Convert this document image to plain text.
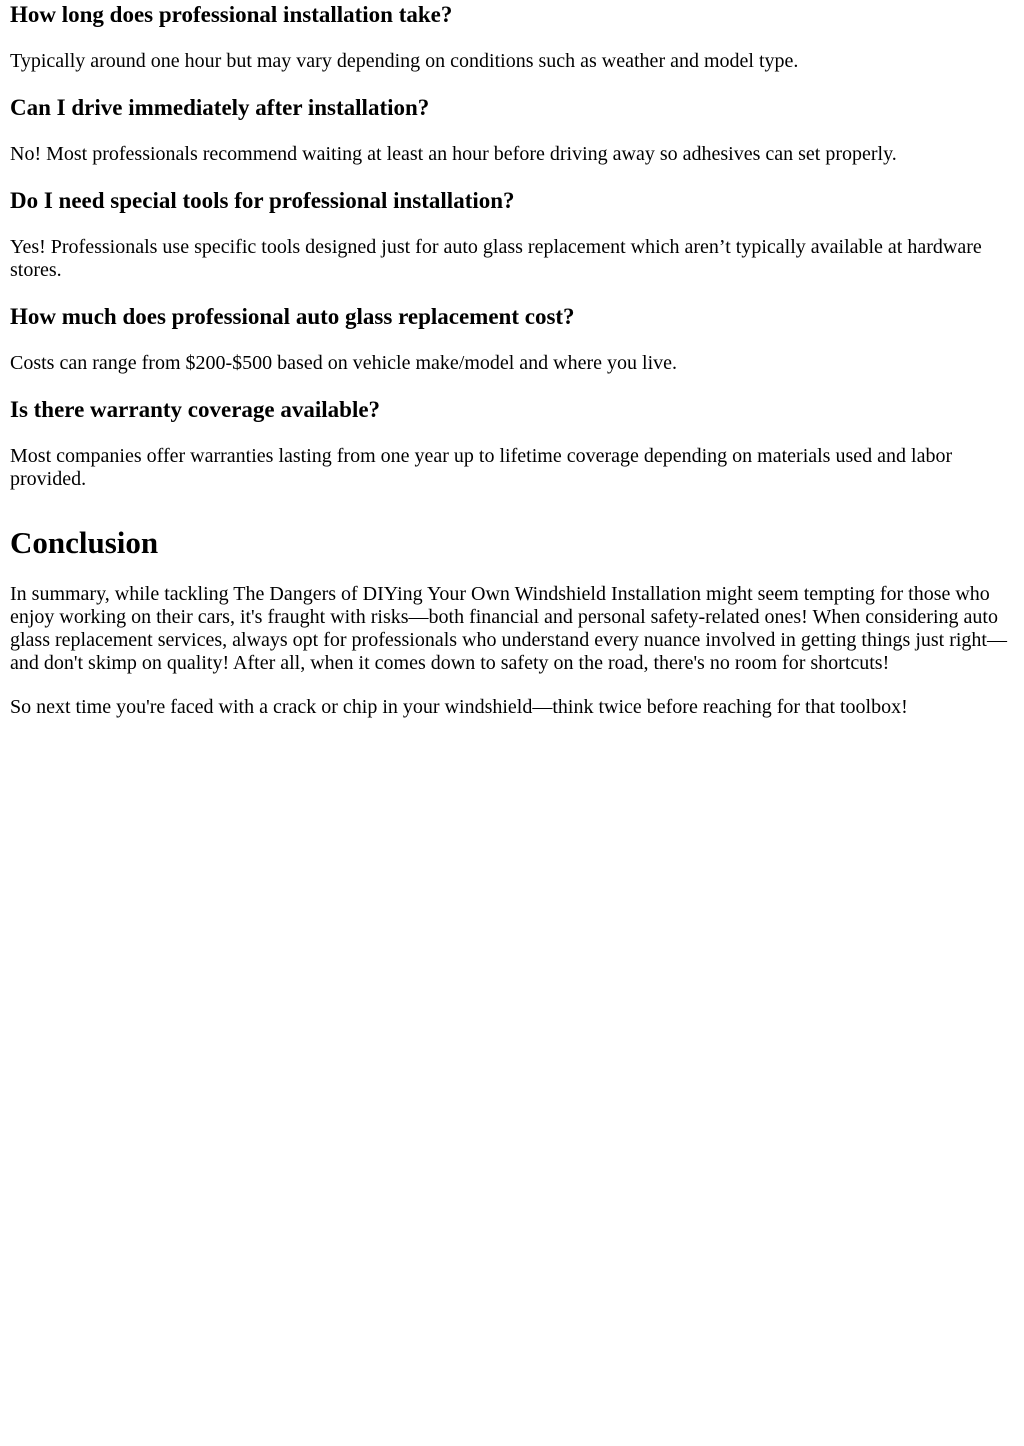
How long does professional installation take?

Typically around one hour but may vary depending on conditions such as weather and model type.

Can I drive immediately after installation?

No! Most professionals recommend waiting at least an hour before driving away so adhesives can set properly.

Do I need special tools for professional installation?

Yes! Professionals use specific tools designed just for auto glass replacement which aren’t typically available at hardware stores.

How much does professional auto glass replacement cost?

Costs can range from $200-$500 based on vehicle make/model and where you live.

Is there warranty coverage available?

Most companies offer warranties lasting from one year up to lifetime coverage depending on materials used and labor provided.

Conclusion

In summary, while tackling The Dangers of DIYing Your Own Windshield Installation might seem tempting for those who enjoy working on their cars, it's fraught with risks—both financial and personal safety-related ones! When considering auto glass replacement services, always opt for professionals who understand every nuance involved in getting things just right—and don't skimp on quality! After all, when it comes down to safety on the road, there's no room for shortcuts!

So next time you're faced with a crack or chip in your windshield—think twice before reaching for that toolbox!
